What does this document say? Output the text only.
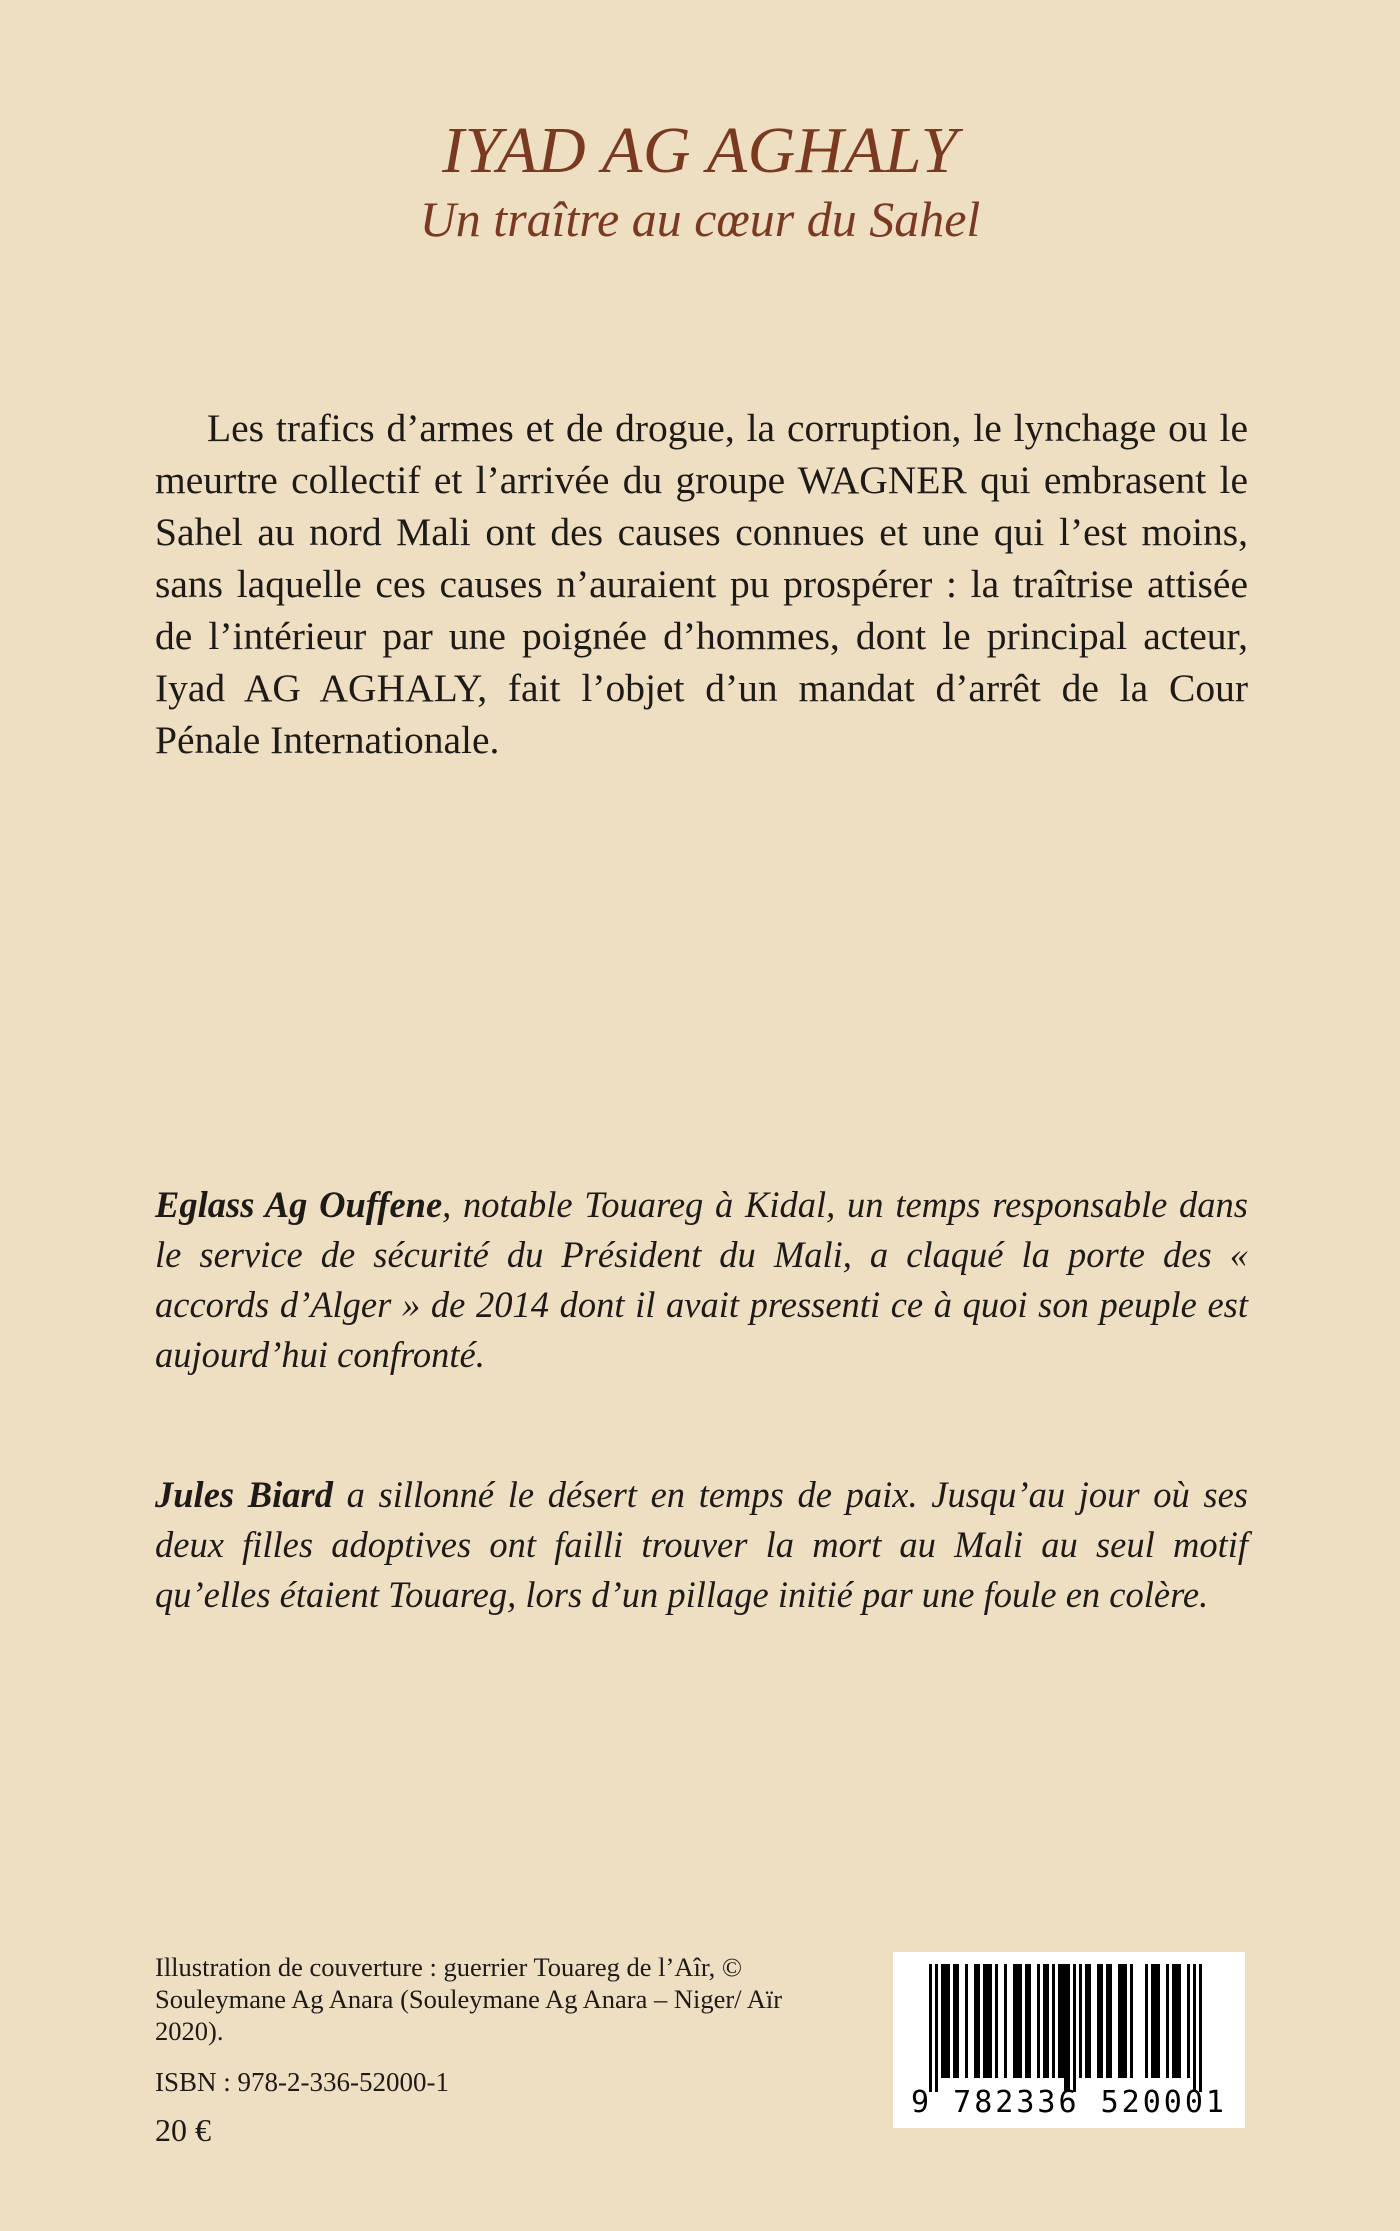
IYAD AG AGHALY
Un traître au cœur du Sahel

Les trafics d’armes et de drogue, la corruption, le lynchage ou le meurtre collectif et l’arrivée du groupe WAGNER qui embrasent le Sahel au nord Mali ont des causes connues et une qui l’est moins, sans laquelle ces causes n’auraient pu prospérer : la traîtrise attisée de l’intérieur par une poignée d’hommes, dont le principal acteur, Iyad AG AGHALY, fait l’objet d’un mandat d’arrêt de la Cour Pénale Internationale.

Eglass Ag Ouffene, notable Touareg à Kidal, un temps responsable dans le service de sécurité du Président du Mali, a claqué la porte des « accords d’Alger » de 2014 dont il avait pressenti ce à quoi son peuple est aujourd’hui confronté.

Jules Biard a sillonné le désert en temps de paix. Jusqu’au jour où ses deux filles adoptives ont failli trouver la mort au Mali au seul motif qu’elles étaient Touareg, lors d’un pillage initié par une foule en colère.

Illustration de couverture : guerrier Touareg de l’Aîr, © Souleymane Ag Anara (Souleymane Ag Anara – Niger/ Aïr 2020).

ISBN : 978-2-336-52000-1
20 €
9 782336 520001
